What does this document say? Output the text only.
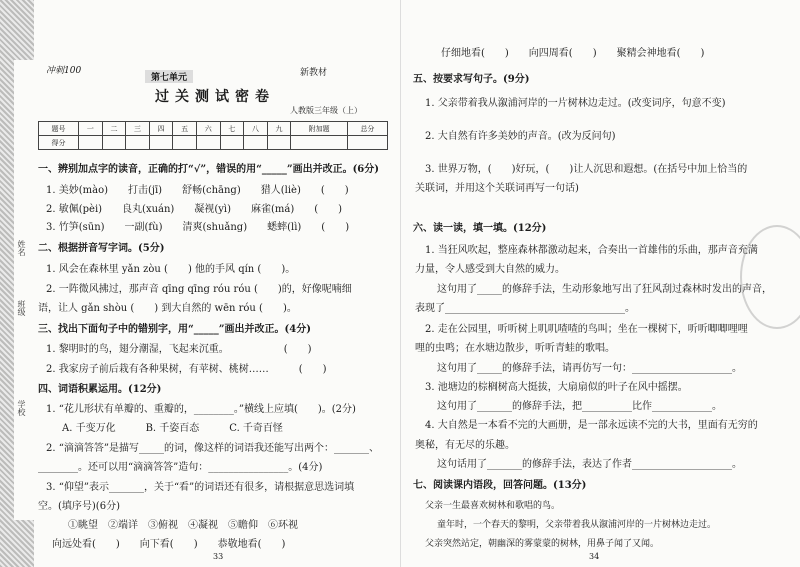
姓名
班级
学校
冲刺100
第七单元	新教材
过关测试密卷
人教版三年级（上）
题号	一	二	三	四	五	六	七	八	九	附加题	总分
得分											
一、辨别加点字的读音，正确的打“√”，错误的用“_____”画出并改正。(6分)
1. 美妙(mào)　　打击(jī)　　舒畅(chāng)　　猎人(liè)　　(　　)
2. 敏佩(pèi)　　良丸(xuán)　　凝视(yì)　　麻雀(má)　　(　　)
3. 竹笋(sūn)　　一副(fù)　　清爽(shuǎng)　　蟋蟀(lì)　　(　　)
二、根据拼音写字词。(5分)
1. 风会在森林里 yǎn zòu (　　) 他的手风 qín (　　)。
2. 一阵微风拂过，那声音 qīng qīng róu róu (　　)的，好像呢喃细
语，让人 gǎn shòu (　　) 到大自然的 wēn róu (　　)。
三、找出下面句子中的错别字，用“_____”画出并改正。(4分)
1. 黎明时的鸟，翅分潮湿，飞起来沉重。　　　　　　(　　)
2. 我家房子前后栽有各种果树，有苹树、桃树……　　　(　　)
四、词语积累运用。(12分)
1. “花儿形状有单瓣的、重瓣的，________。”横线上应填(　　)。(2分)
A. 千变万化　　　B. 千姿百态　　　C. 千奇百怪
2. “滴滴答答”是描写_____的词，像这样的词语我还能写出两个：_______、
________。还可以用“滴滴答答”造句：________________。(4分)
3. “仰望”表示_______，关于“看”的词语还有很多，请根据意思选词填
空。(填序号)(6分)
①眺望　②端详　③俯视　④凝视　⑤瞻仰　⑥环视
向远处看(　　)　　向下看(　　)　　恭敬地看(　　)
33
仔细地看(　　)　　向四周看(　　)　　聚精会神地看(　　)
五、按要求写句子。(9分)
1. 父亲带着我从溆浦河岸的一片树林边走过。(改变词序，句意不变)
2. 大自然有许多美妙的声音。(改为反问句)
3. 世界万物，(　　)好玩，(　　)让人沉思和遐想。(在括号中加上恰当的
关联词，并用这个关联词再写一句话)
六、读一读，填一填。(12分)
1. 当狂风吹起，整座森林都激动起来，合奏出一首雄伟的乐曲，那声音充满
力量，令人感受到大自然的威力。
这句用了_____的修辞手法，生动形象地写出了狂风刮过森林时发出的声音，
表现了____________________________________。
2. 走在公园里，听听树上叽叽喳喳的鸟叫；坐在一棵树下，听听唧唧哩哩
哩的虫鸣；在水塘边散步，听听青蛙的歌唱。
这句用了_____的修辞手法，请再仿写一句：____________________。
3. 池塘边的棕榈树高大挺拔，大扇扇似的叶子在风中摇摆。
这句用了_______的修辞手法，把__________比作____________。
4. 大自然是一本看不完的大画册，是一部永远读不完的大书，里面有无穷的
奥秘，有无尽的乐趣。
这句话用了_______的修辞手法，表达了作者____________________。
七、阅读课内语段，回答问题。(13分)
父亲一生最喜欢树林和歌唱的鸟。
童年时，一个春天的黎明，父亲带着我从溆浦河岸的一片树林边走过。
父亲突然站定，朝幽深的雾蒙蒙的树林，用鼻子闻了又闻。
34
